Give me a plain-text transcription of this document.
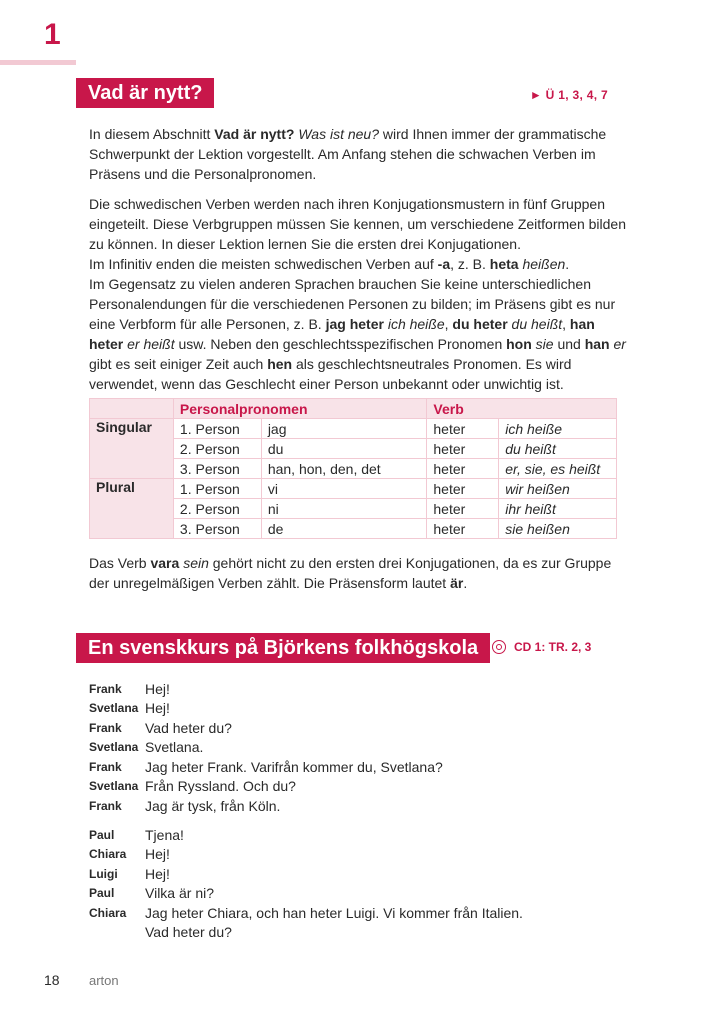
1
Vad är nytt?	► Ü 1, 3, 4, 7

In diesem Abschnitt Vad är nytt? Was ist neu? wird Ihnen immer der grammatische Schwerpunkt der Lektion vorgestellt. Am Anfang stehen die schwachen Verben im Präsens und die Personalpronomen.

Die schwedischen Verben werden nach ihren Konjugationsmustern in fünf Gruppen eingeteilt. Diese Verbgruppen müssen Sie kennen, um verschiedene Zeitformen bilden zu können. In dieser Lektion lernen Sie die ersten drei Konjugationen.
Im Infinitiv enden die meisten schwedischen Verben auf -a, z. B. heta heißen.
Im Gegensatz zu vielen anderen Sprachen brauchen Sie keine unterschiedlichen Personalendungen für die verschiedenen Personen zu bilden; im Präsens gibt es nur eine Verbform für alle Personen, z. B. jag heter ich heiße, du heter du heißt, han heter er heißt usw. Neben den geschlechtsspezifischen Pronomen hon sie und han er gibt es seit einiger Zeit auch hen als geschlechtsneutrales Pronomen. Es wird verwendet, wenn das Geschlecht einer Person unbekannt oder unwichtig ist.

	Personalpronomen		Verb	
Singular	1. Person	jag	heter	ich heiße
	2. Person	du	heter	du heißt
	3. Person	han, hon, den, det	heter	er, sie, es heißt
Plural	1. Person	vi	heter	wir heißen
	2. Person	ni	heter	ihr heißt
	3. Person	de	heter	sie heißen

Das Verb vara sein gehört nicht zu den ersten drei Konjugationen, da es zur Gruppe der unregelmäßigen Verben zählt. Die Präsensform lautet är.

En svenskkurs på Björkens folkhögskola	CD 1: TR. 2, 3
Frank	Hej!
Svetlana Hej!
Frank	Vad heter du?
Svetlana Svetlana.
Frank	Jag heter Frank. Varifrån kommer du, Svetlana?
Svetlana Från Ryssland. Och du?
Frank	Jag är tysk, från Köln.
Paul	Tjena!
Chiara	Hej!
Luigi	Hej!
Paul	Vilka är ni?
Chiara	Jag heter Chiara, och han heter Luigi. Vi kommer från Italien.
Vad heter du?
18 arton
